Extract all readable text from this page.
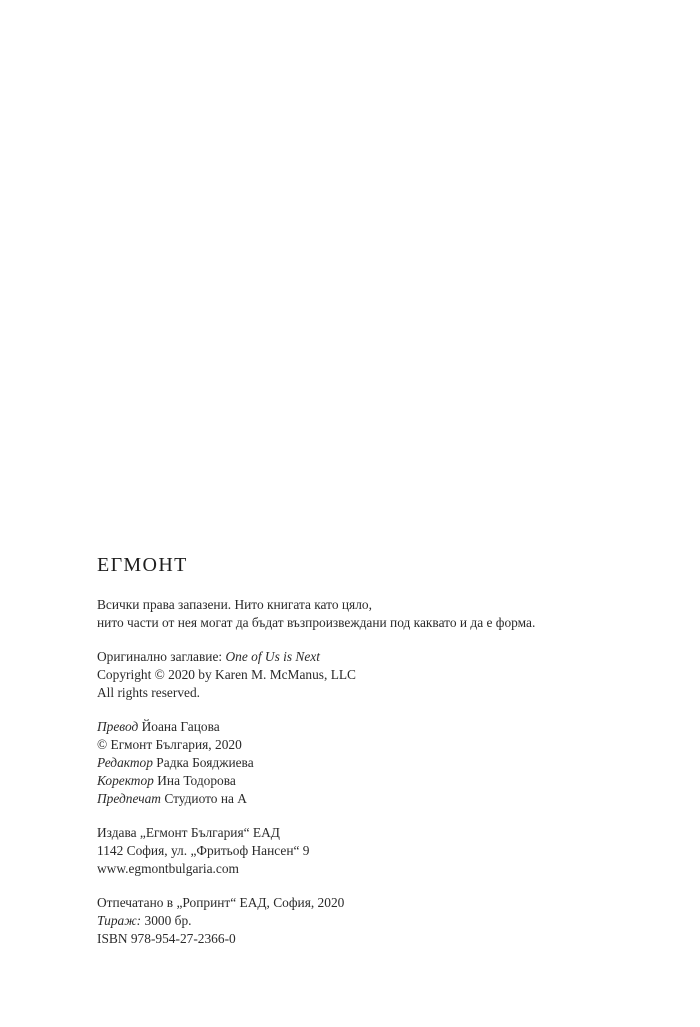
ЕГМОНТ
Всички права запазени. Нито книгата като цяло,
нито части от нея могат да бъдат възпроизвеждани под каквато и да е форма.
Оригинално заглавие: One of Us is Next
Copyright © 2020 by Karen M. McManus, LLC
All rights reserved.
Превод Йоана Гацова
© Егмонт България, 2020
Редактор Радка Бояджиева
Коректор Ина Тодорова
Предпечат Студиото на А
Издава „Егмонт България“ ЕАД
1142 София, ул. „Фритьоф Нансен“ 9
www.egmontbulgaria.com
Отпечатано в „Ропринт“ ЕАД, София, 2020
Тираж: 3000 бр.
ISBN 978-954-27-2366-0
